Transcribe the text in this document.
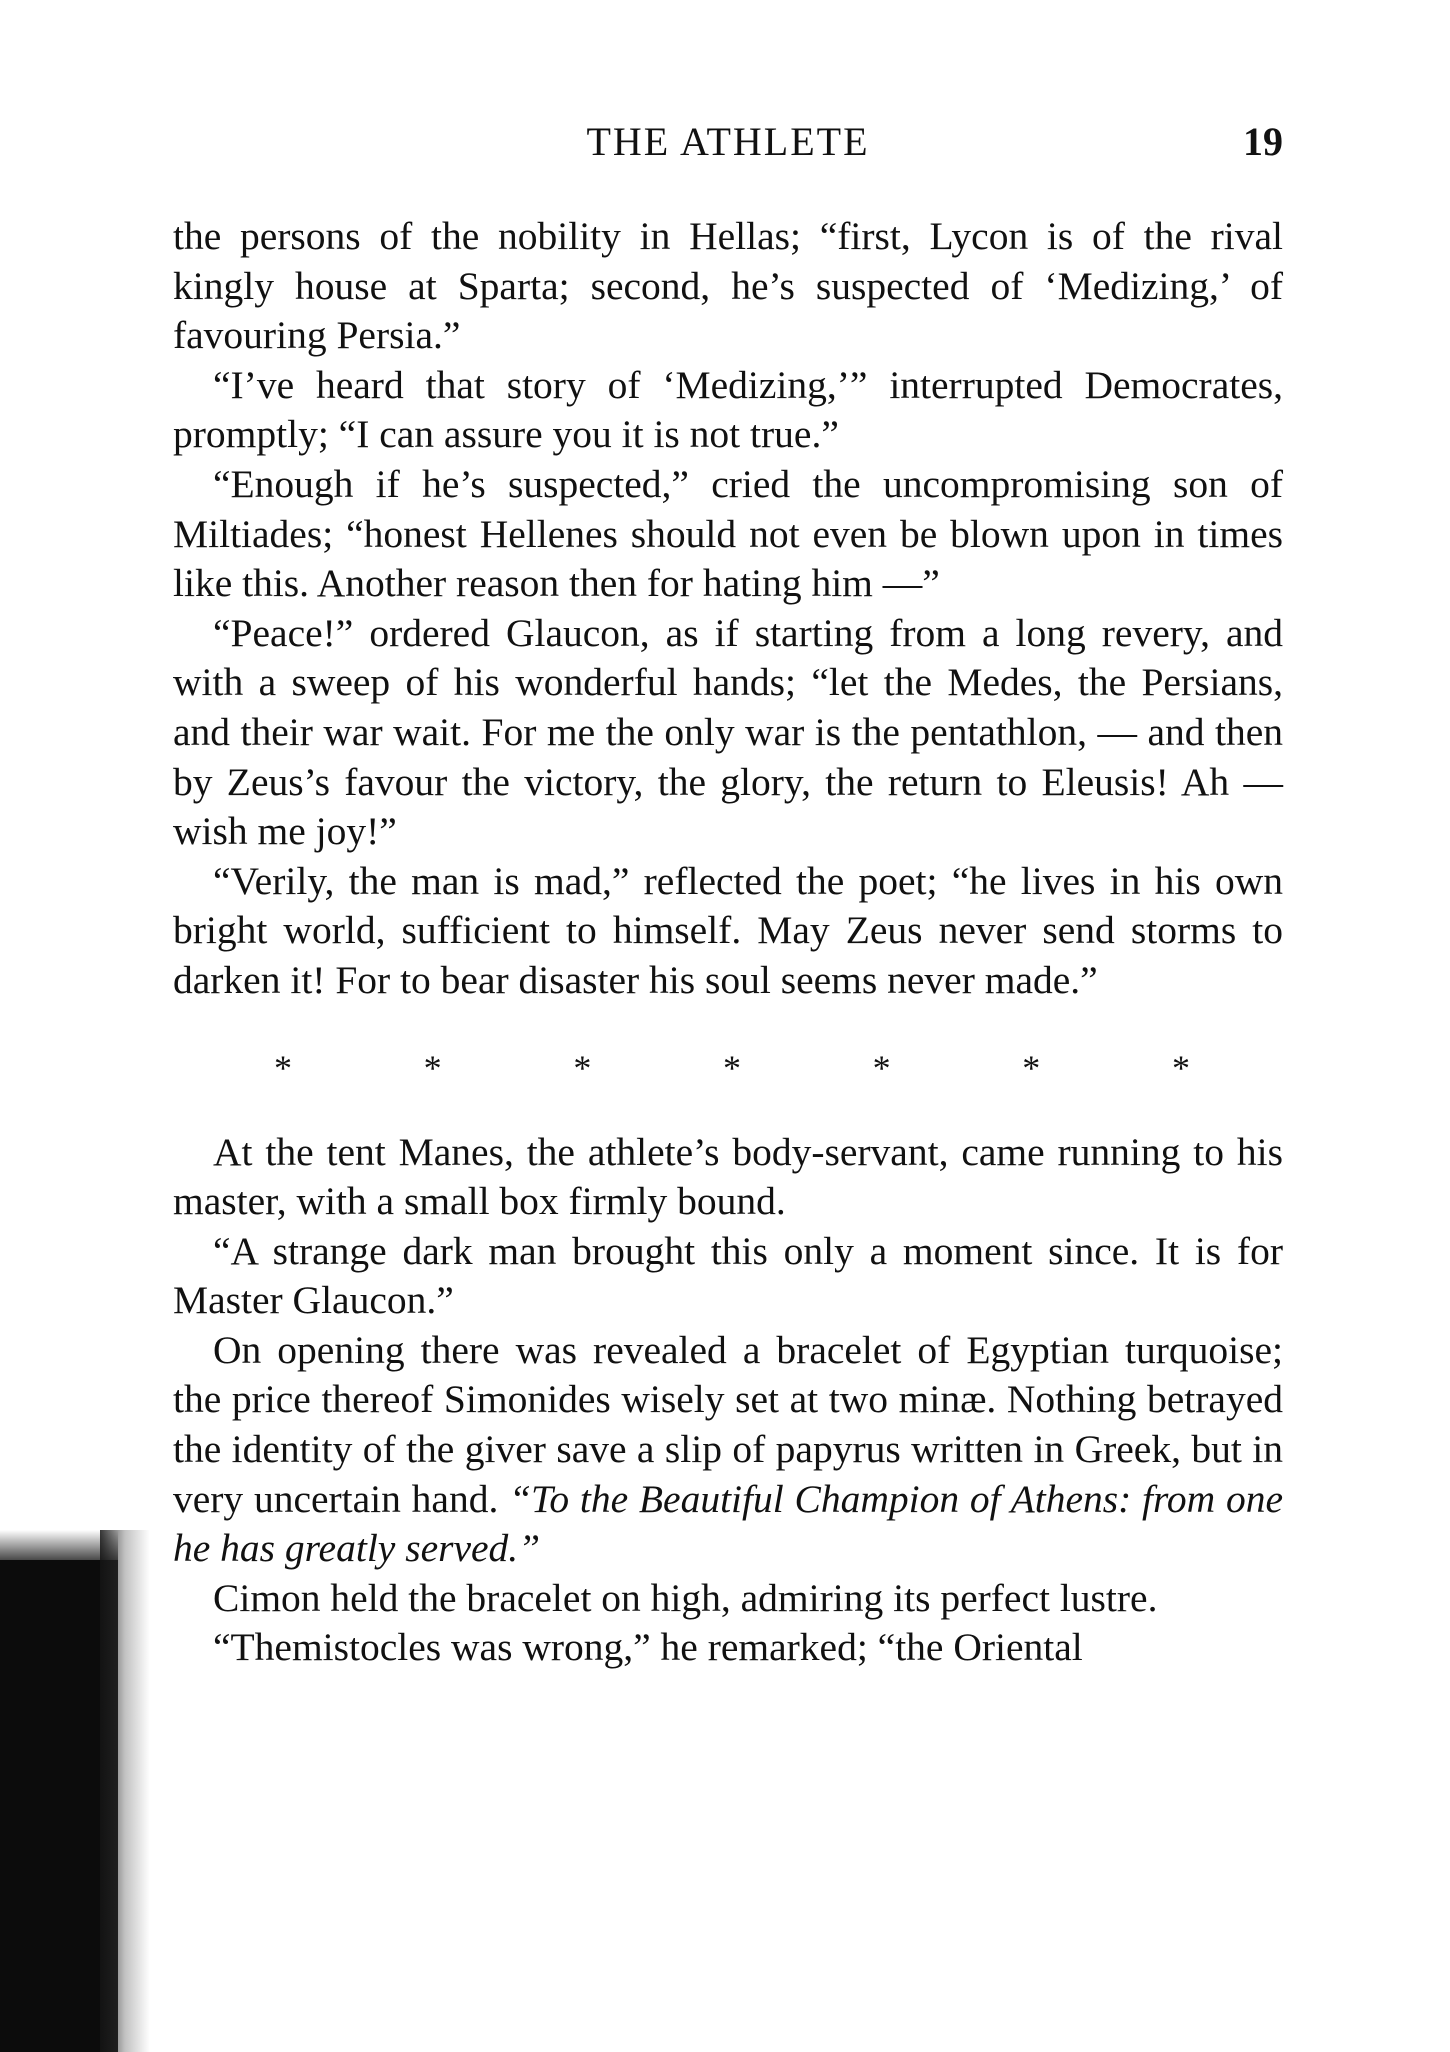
THE ATHLETE	19

the persons of the nobility in Hellas; “first, Lycon is of the rival kingly house at Sparta; second, he’s suspected of ‘Medizing,’ of favouring Persia.”

“I’ve heard that story of ‘Medizing,’” interrupted Democrates, promptly; “I can assure you it is not true.”

“Enough if he’s suspected,” cried the uncompromising son of Miltiades; “honest Hellenes should not even be blown upon in times like this. Another reason then for hating him —”

“Peace!” ordered Glaucon, as if starting from a long revery, and with a sweep of his wonderful hands; “let the Medes, the Persians, and their war wait. For me the only war is the pentathlon, — and then by Zeus’s favour the victory, the glory, the return to Eleusis! Ah — wish me joy!”

“Verily, the man is mad,” reflected the poet; “he lives in his own bright world, sufficient to himself. May Zeus never send storms to darken it! For to bear disaster his soul seems never made.”

*	*	*	*	*	*	*

At the tent Manes, the athlete’s body-servant, came running to his master, with a small box firmly bound.

“A strange dark man brought this only a moment since. It is for Master Glaucon.”

On opening there was revealed a bracelet of Egyptian turquoise; the price thereof Simonides wisely set at two minæ. Nothing betrayed the identity of the giver save a slip of papyrus written in Greek, but in very uncertain hand. “To the Beautiful Champion of Athens: from one he has greatly served.”

Cimon held the bracelet on high, admiring its perfect lustre.

“Themistocles was wrong,” he remarked; “the Oriental
